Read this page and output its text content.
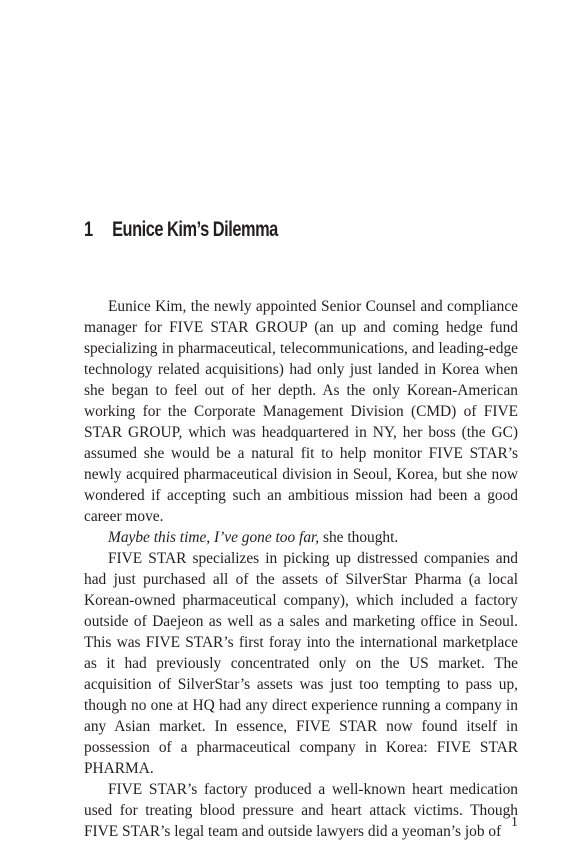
1 Eunice Kim’s Dilemma

Eunice Kim, the newly appointed Senior Counsel and compliance manager for FIVE STAR GROUP (an up and coming hedge fund specializing in pharmaceutical, telecommunications, and leading-edge technology related acquisitions) had only just landed in Korea when she began to feel out of her depth. As the only Korean-American working for the Corporate Management Division (CMD) of FIVE STAR GROUP, which was headquartered in NY, her boss (the GC) assumed she would be a natural fit to help monitor FIVE STAR’s newly acquired pharmaceutical division in Seoul, Korea, but she now wondered if accepting such an ambitious mission had been a good career move.

Maybe this time, I’ve gone too far, she thought.

FIVE STAR specializes in picking up distressed companies and had just purchased all of the assets of SilverStar Pharma (a local Korean-owned pharmaceutical company), which included a factory outside of Daejeon as well as a sales and marketing office in Seoul. This was FIVE STAR’s first foray into the international marketplace as it had previously concentrated only on the US market. The acquisition of SilverStar’s assets was just too tempting to pass up, though no one at HQ had any direct experience running a company in any Asian market. In essence, FIVE STAR now found itself in possession of a pharmaceutical company in Korea: FIVE STAR PHARMA.

FIVE STAR’s factory produced a well-known heart medication used for treating blood pressure and heart attack victims. Though FIVE STAR’s legal team and outside lawyers did a yeoman’s job of

1
